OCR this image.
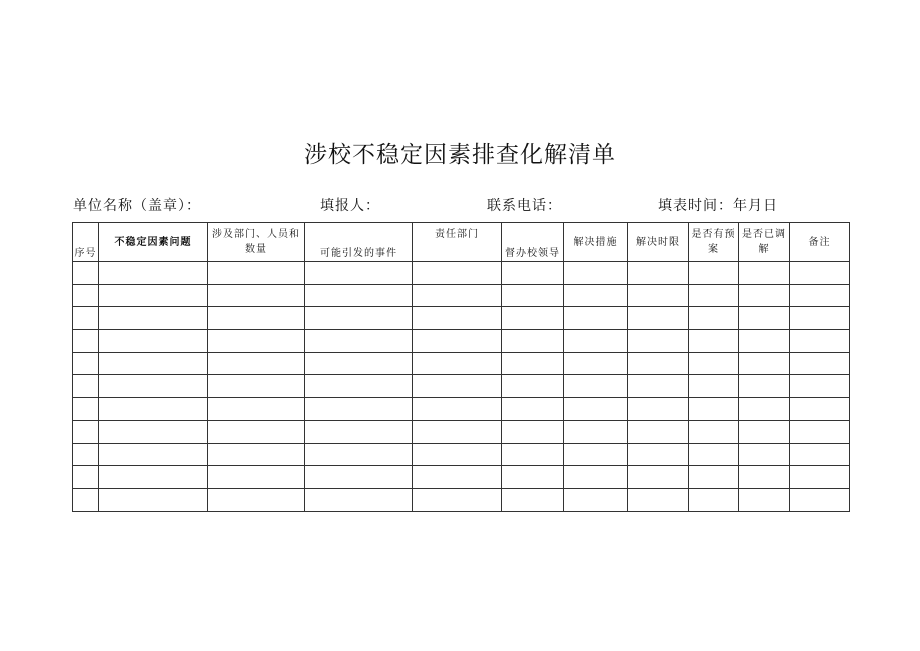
涉校不稳定因素排查化解清单
单位名称（盖章）：	填报人：	联系电话：	填表时间：年月日
序号	不稳定因素问题	涉及部门、人员和数量	可能引发的事件	责任部门	督办校领导	解决措施	解决时限	是否有预案	是否已调解	备注
